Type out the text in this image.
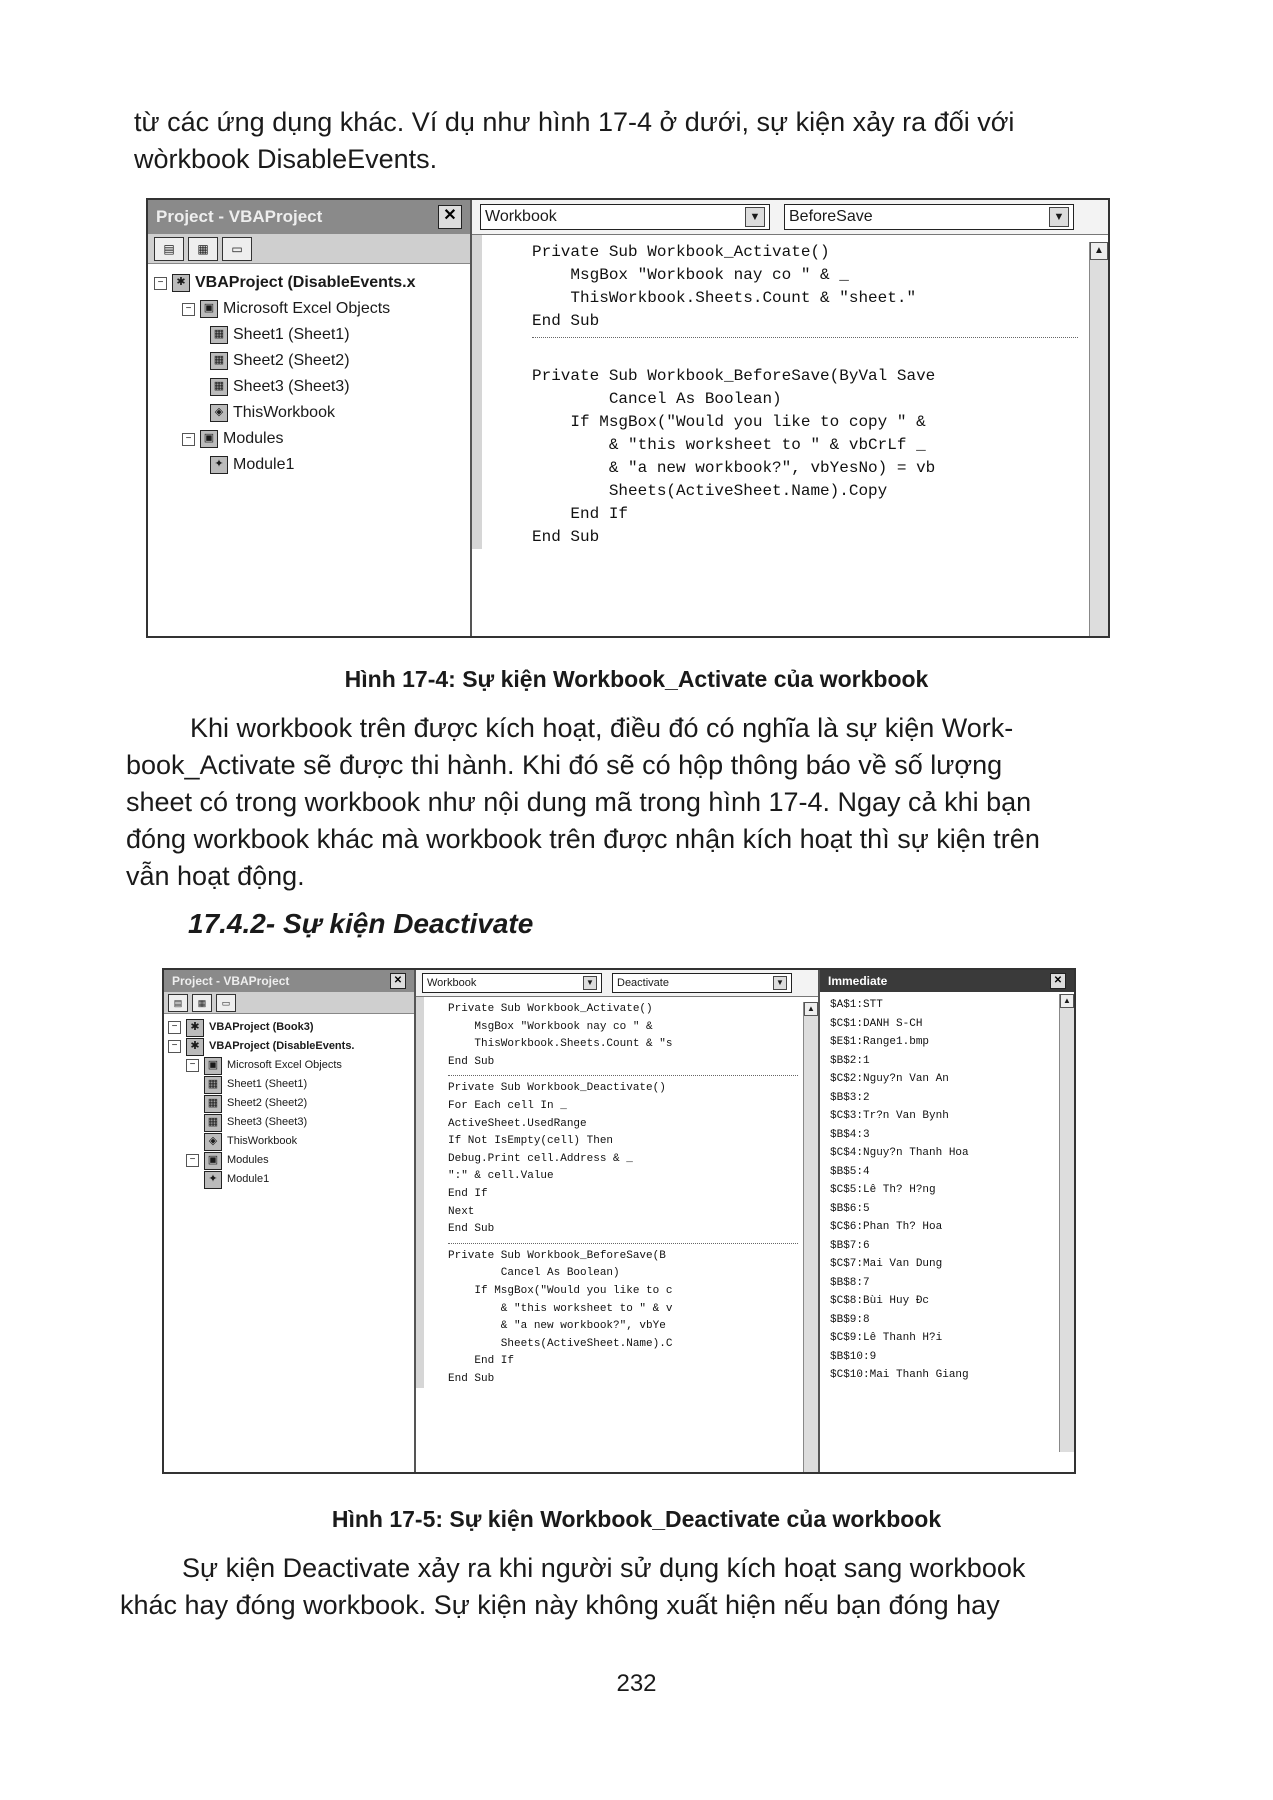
từ các ứng dụng khác. Ví dụ như hình 17-4 ở dưới, sự kiện xảy ra đối với
wòrkbook DisableEvents.
Project - VBAProject	✕
▤	▦	▭
−	✱ VBAProject (DisableEvents.x
−	▣ Microsoft Excel Objects
▦ Sheet1 (Sheet1)
▦ Sheet2 (Sheet2)
▦ Sheet3 (Sheet3)
◈ ThisWorkbook
−	▣ Modules
✦ Module1
Workbook	▼ BeforeSave	▼
Private Sub Workbook_Activate()
MsgBox "Workbook nay co " & _
ThisWorkbook.Sheets.Count & "sheet."
End Sub

Private Sub Workbook_BeforeSave(ByVal Save
Cancel As Boolean)
If MsgBox("Would you like to copy " &
& "this worksheet to " & vbCrLf _
& "a new workbook?", vbYesNo) = vb
Sheets(ActiveSheet.Name).Copy
End If
End Sub
▲
Hình 17-4: Sự kiện Workbook_Activate của workbook
Khi workbook trên được kích hoạt, điều đó có nghĩa là sự kiện Work-
book_Activate sẽ được thi hành. Khi đó sẽ có hộp thông báo về số lượng
sheet có trong workbook như nội dung mã trong hình 17-4. Ngay cả khi bạn
đóng workbook khác mà workbook trên được nhận kích hoạt thì sự kiện trên
vẫn hoạt động.
17.4.2- Sự kiện Deactivate
Project - VBAProject	✕
▤	▦	▭
−	✱ VBAProject (Book3)
−	✱ VBAProject (DisableEvents.
−	▣ Microsoft Excel Objects
▦ Sheet1 (Sheet1)
▦ Sheet2 (Sheet2)
▦ Sheet3 (Sheet3)
◈ ThisWorkbook
−	▣ Modules
✦ Module1
Workbook	▼ Deactivate	▼
Private Sub Workbook_Activate()
MsgBox "Workbook nay co " &
ThisWorkbook.Sheets.Count & "s
End Sub
Private Sub Workbook_Deactivate()
For Each cell In _
ActiveSheet.UsedRange
If Not IsEmpty(cell) Then
Debug.Print cell.Address & _
":" & cell.Value
End If
Next
End Sub
Private Sub Workbook_BeforeSave(B
Cancel As Boolean)
If MsgBox("Would you like to c
& "this worksheet to " & v
& "a new workbook?", vbYe
Sheets(ActiveSheet.Name).C
End If
End Sub
▲
Immediate	✕
$A$1:STT
$C$1:DANH S-CH
$E$1:Range1.bmp
$B$2:1
$C$2:Nguy?n Van An
$B$3:2
$C$3:Tr?n Van Bynh
$B$4:3
$C$4:Nguy?n Thanh Hoa
$B$5:4
$C$5:Lê Th? H?ng
$B$6:5
$C$6:Phan Th? Hoa
$B$7:6
$C$7:Mai Van Dung
$B$8:7
$C$8:Bùi Huy Ðc
$B$9:8
$C$9:Lê Thanh H?i
$B$10:9
$C$10:Mai Thanh Giang
▲
Hình 17-5: Sự kiện Workbook_Deactivate của workbook
Sự kiện Deactivate xảy ra khi người sử dụng kích hoạt sang workbook
khác hay đóng workbook. Sự kiện này không xuất hiện nếu bạn đóng hay
232
